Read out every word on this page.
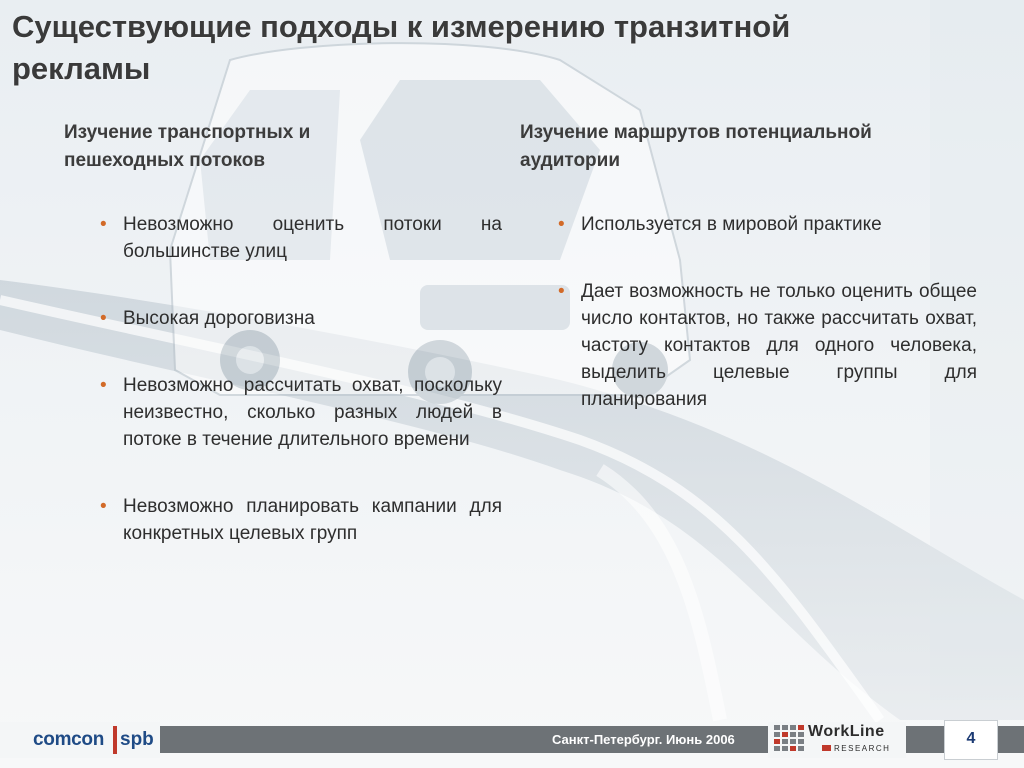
Существующие подходы к измерению транзитной рекламы
Изучение транспортных и пешеходных потоков
Изучение маршрутов потенциальной аудитории
• Невозможно оценить потоки на большинстве улиц
• Высокая дороговизна
• Невозможно рассчитать охват, поскольку неизвестно, сколько разных людей в потоке в течение длительного времени
• Невозможно планировать кампании для конкретных целевых групп
• Используется в мировой практике
• Дает возможность не только оценить общее число контактов, но также рассчитать охват, частоту контактов для одного человека, выделить целевые группы для планирования
comcon spb	Санкт-Петербург. Июнь 2006	WorkLine
RESEARCH
4
